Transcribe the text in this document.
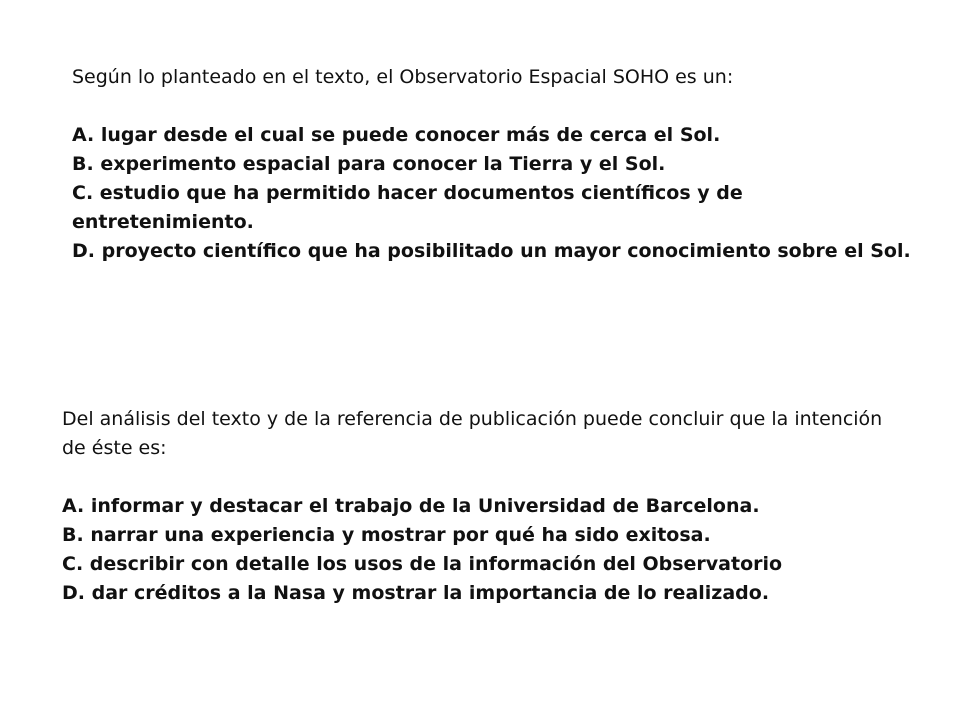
Según lo planteado en el texto, el Observatorio Espacial SOHO es un:

A. lugar desde el cual se puede conocer más de cerca el Sol.

B. experimento espacial para conocer la Tierra y el Sol.

C. estudio que ha permitido hacer documentos científicos y de entretenimiento.

D. proyecto científico que ha posibilitado un mayor conocimiento sobre el Sol.

Del análisis del texto y de la referencia de publicación puede concluir que la intención de éste es:

A. informar y destacar el trabajo de la Universidad de Barcelona.

B. narrar una experiencia y mostrar por qué ha sido exitosa.

C. describir con detalle los usos de la información del Observatorio

D. dar créditos a la Nasa y mostrar la importancia de lo realizado.
